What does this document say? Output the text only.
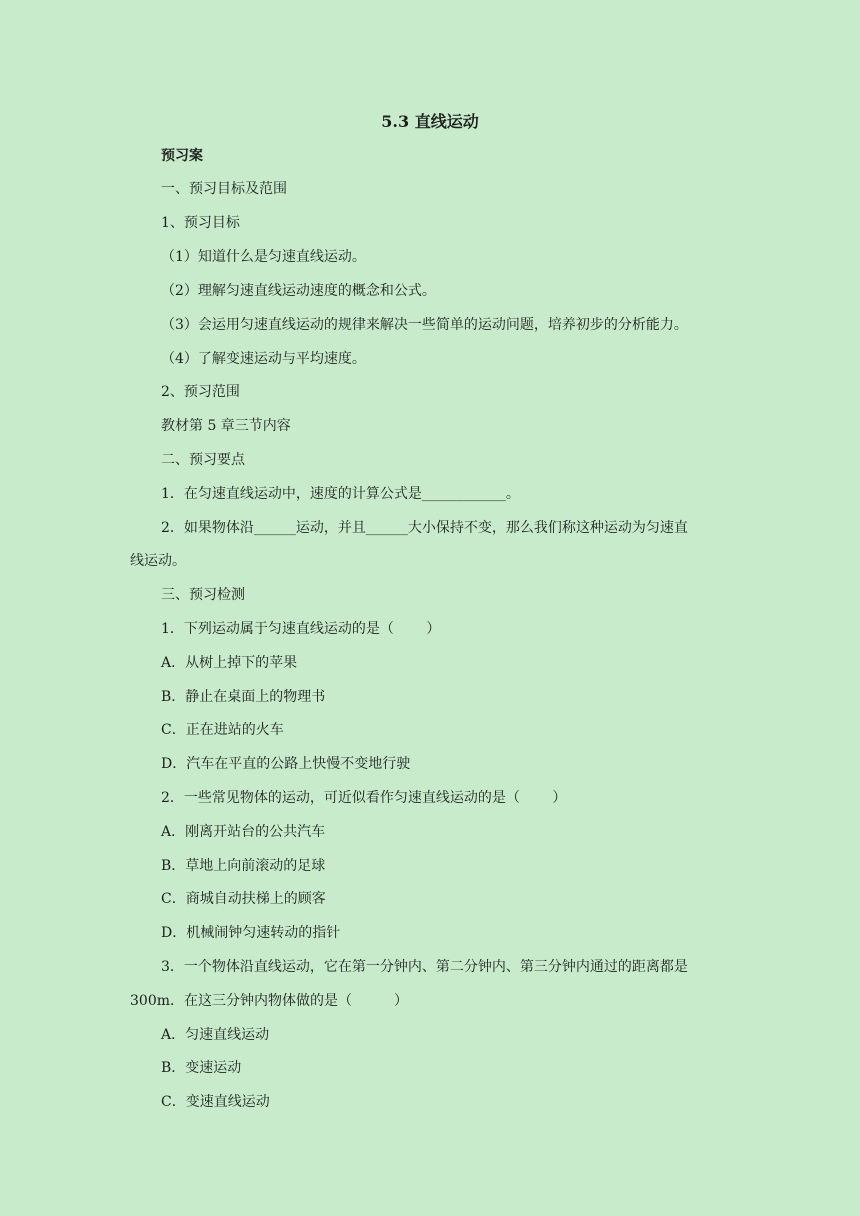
5.3 直线运动
预习案
一、预习目标及范围
1、预习目标
（1）知道什么是匀速直线运动。
（2）理解匀速直线运动速度的概念和公式。
（3）会运用匀速直线运动的规律来解决一些简单的运动问题，培养初步的分析能力。
（4）了解变速运动与平均速度。
2、预习范围
教材第 5 章三节内容
二、预习要点
1．在匀速直线运动中，速度的计算公式是____________。
2．如果物体沿______运动，并且______大小保持不变，那么我们称这种运动为匀速直
线运动。
三、预习检测
1．下列运动属于匀速直线运动的是（　　 ）
A．从树上掉下的苹果
B．静止在桌面上的物理书
C．正在进站的火车
D．汽车在平直的公路上快慢不变地行驶
2．一些常见物体的运动，可近似看作匀速直线运动的是（　　 ）
A．刚离开站台的公共汽车
B．草地上向前滚动的足球
C．商城自动扶梯上的顾客
D．机械闹钟匀速转动的指针
3．一个物体沿直线运动，它在第一分钟内、第二分钟内、第三分钟内通过的距离都是
300m．在这三分钟内物体做的是（　　　）
A．匀速直线运动
B．变速运动
C．变速直线运动
